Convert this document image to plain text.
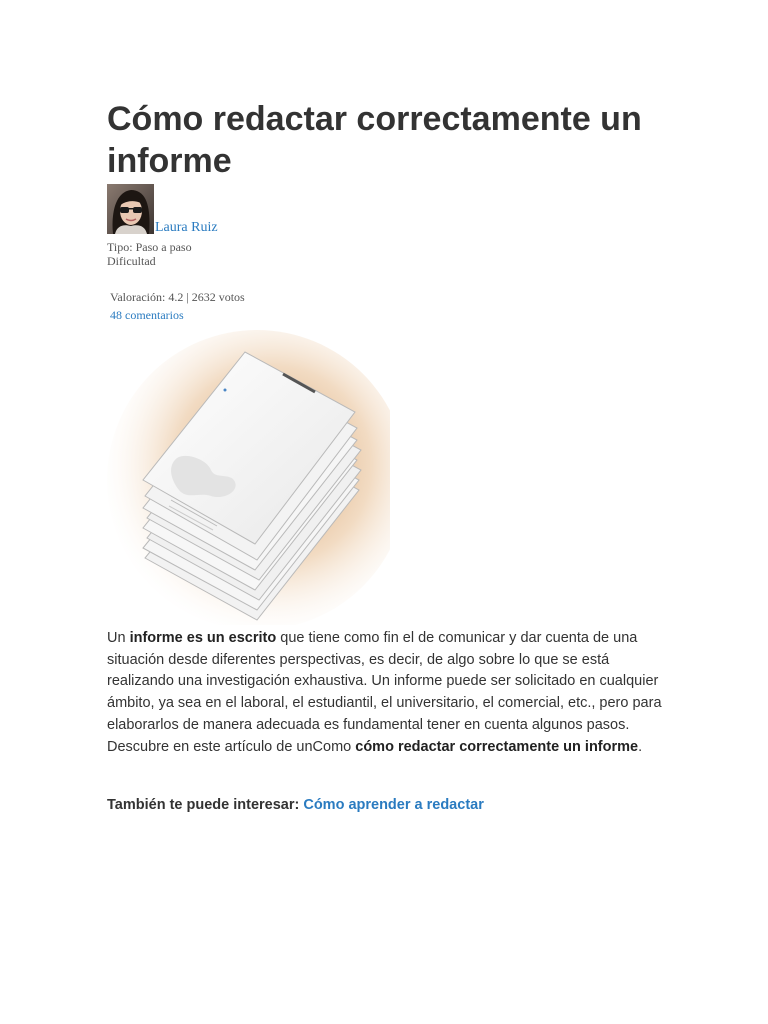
Cómo redactar correctamente un informe
Laura Ruiz
Tipo: Paso a paso
Dificultad
Valoración: 4.2 | 2632 votos
48 comentarios

Un informe es un escrito que tiene como fin el de comunicar y dar cuenta de una situación desde diferentes perspectivas, es decir, de algo sobre lo que se está realizando una investigación exhaustiva. Un informe puede ser solicitado en cualquier ámbito, ya sea en el laboral, el estudiantil, el universitario, el comercial, etc., pero para elaborarlos de manera adecuada es fundamental tener en cuenta algunos pasos. Descubre en este artículo de unComo cómo redactar correctamente un informe.

También te puede interesar: Cómo aprender a redactar
